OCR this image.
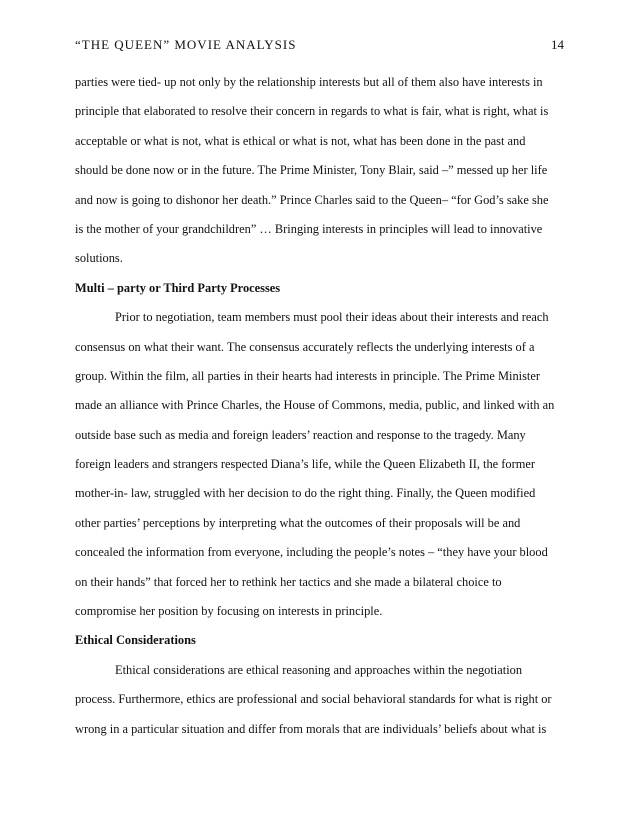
“THE QUEEN” MOVIE ANALYSIS	14
parties were tied- up not only by the relationship interests but all of them also have interests in
principle that elaborated to resolve their concern in regards to what is fair, what is right, what is
acceptable or what is not, what is ethical or what is not, what has been done in the past and
should be done now or in the future. The Prime Minister, Tony Blair, said –” messed up her life
and now is going to dishonor her death.” Prince Charles said to the Queen– “for God’s sake she
is the mother of your grandchildren” … Bringing interests in principles will lead to innovative
solutions.
Multi – party or Third Party Processes
Prior to negotiation, team members must pool their ideas about their interests and reach
consensus on what their want. The consensus accurately reflects the underlying interests of a
group. Within the film, all parties in their hearts had interests in principle. The Prime Minister
made an alliance with Prince Charles, the House of Commons, media, public, and linked with an
outside base such as media and foreign leaders’ reaction and response to the tragedy. Many
foreign leaders and strangers respected Diana’s life, while the Queen Elizabeth II, the former
mother-in- law, struggled with her decision to do the right thing. Finally, the Queen modified
other parties’ perceptions by interpreting what the outcomes of their proposals will be and
concealed the information from everyone, including the people’s notes – “they have your blood
on their hands” that forced her to rethink her tactics and she made a bilateral choice to
compromise her position by focusing on interests in principle.
Ethical Considerations
Ethical considerations are ethical reasoning and approaches within the negotiation
process. Furthermore, ethics are professional and social behavioral standards for what is right or
wrong in a particular situation and differ from morals that are individuals’ beliefs about what is
